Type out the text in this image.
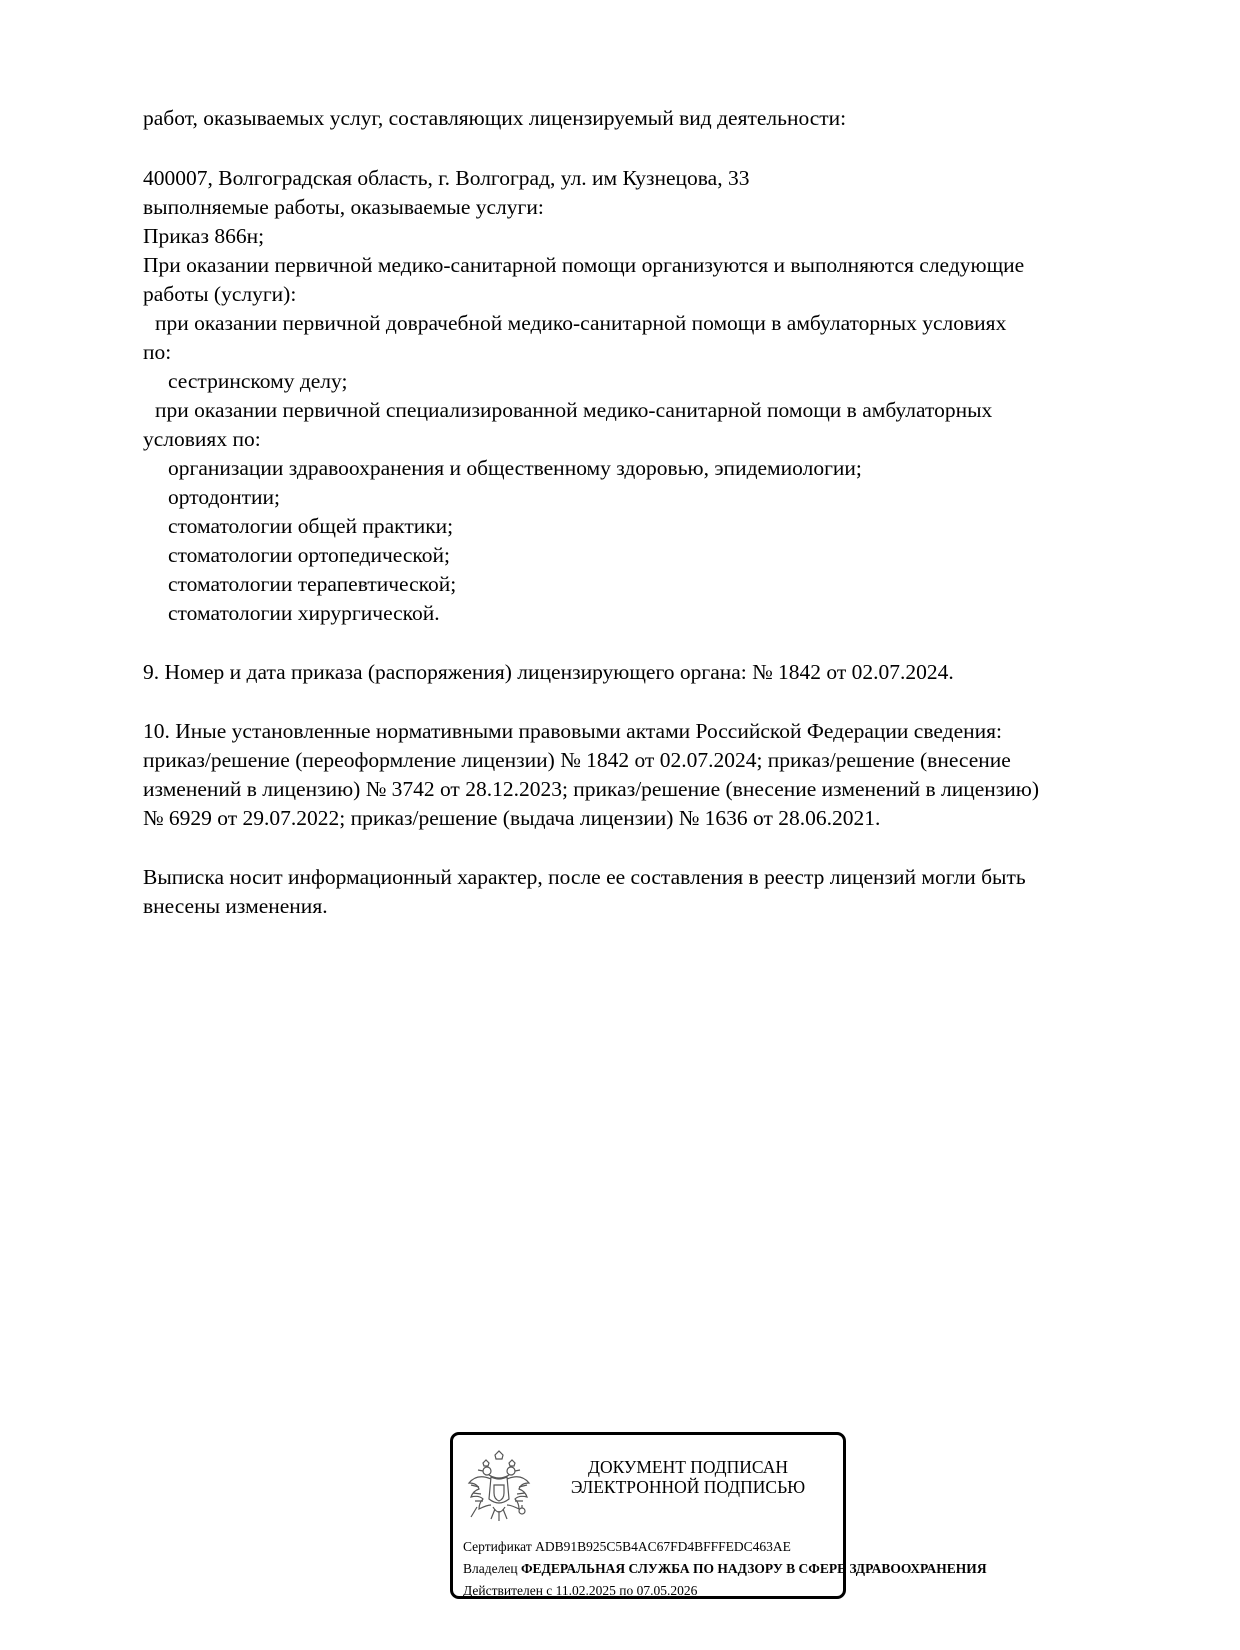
работ, оказываемых услуг, составляющих лицензируемый вид деятельности:
400007, Волгоградская область, г. Волгоград, ул. им Кузнецова, 33
выполняемые работы, оказываемые услуги:
Приказ 866н;
При оказании первичной медико-санитарной помощи организуются и выполняются следующие
работы (услуги):
при оказании первичной доврачебной медико-санитарной помощи в амбулаторных условиях
по:
сестринскому делу;
при оказании первичной специализированной медико-санитарной помощи в амбулаторных
условиях по:
организации здравоохранения и общественному здоровью, эпидемиологии;
ортодонтии;
стоматологии общей практики;
стоматологии ортопедической;
стоматологии терапевтической;
стоматологии хирургической.
9. Номер и дата приказа (распоряжения) лицензирующего органа: № 1842 от 02.07.2024.
10. Иные установленные нормативными правовыми актами Российской Федерации сведения:
приказ/решение (переоформление лицензии) № 1842 от 02.07.2024; приказ/решение (внесение
изменений в лицензию) № 3742 от 28.12.2023; приказ/решение (внесение изменений в лицензию)
№ 6929 от 29.07.2022; приказ/решение (выдача лицензии) № 1636 от 28.06.2021.
Выписка носит информационный характер, после ее составления в реестр лицензий могли быть
внесены изменения.
ДОКУМЕНТ ПОДПИСАН
ЭЛЕКТРОННОЙ ПОДПИСЬЮ
Сертификат ADB91B925C5B4AC67FD4BFFFEDC463AE
Владелец ФЕДЕРАЛЬНАЯ СЛУЖБА ПО НАДЗОРУ В СФЕРЕ ЗДРАВООХРАНЕНИЯ
Действителен с 11.02.2025 по 07.05.2026
